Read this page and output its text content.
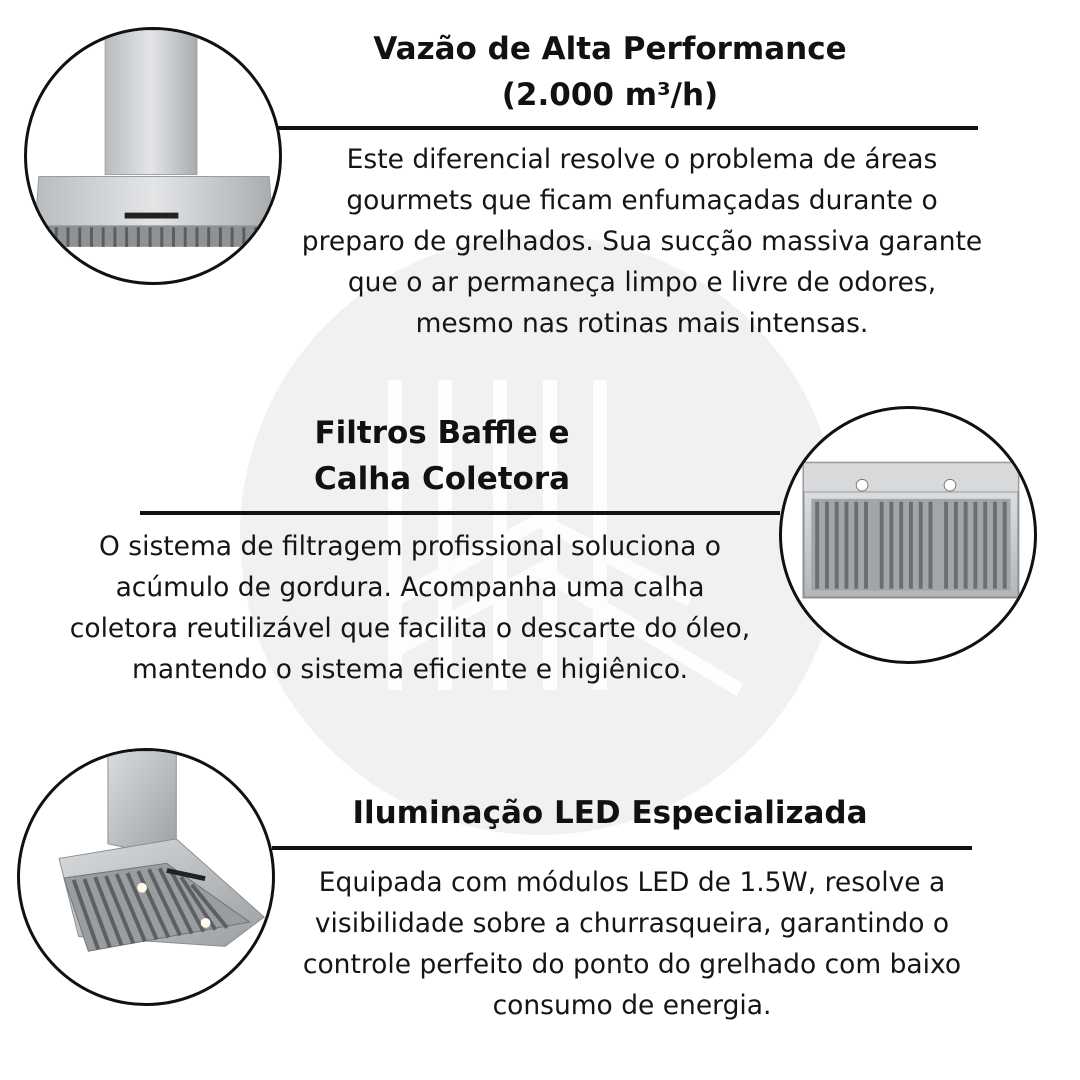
Vazão de Alta Performance
(2.000 m³/h)
Este diferencial resolve o problema de áreas
gourmets que ficam enfumaçadas durante o
preparo de grelhados. Sua sucção massiva garante
que o ar permaneça limpo e livre de odores,
mesmo nas rotinas mais intensas.
Filtros Baffle e
Calha Coletora
O sistema de filtragem profissional soluciona o
acúmulo de gordura. Acompanha uma calha
coletora reutilizável que facilita o descarte do óleo,
mantendo o sistema eficiente e higiênico.
Iluminação LED Especializada
Equipada com módulos LED de 1.5W, resolve a
visibilidade sobre a churrasqueira, garantindo o
controle perfeito do ponto do grelhado com baixo
consumo de energia.
